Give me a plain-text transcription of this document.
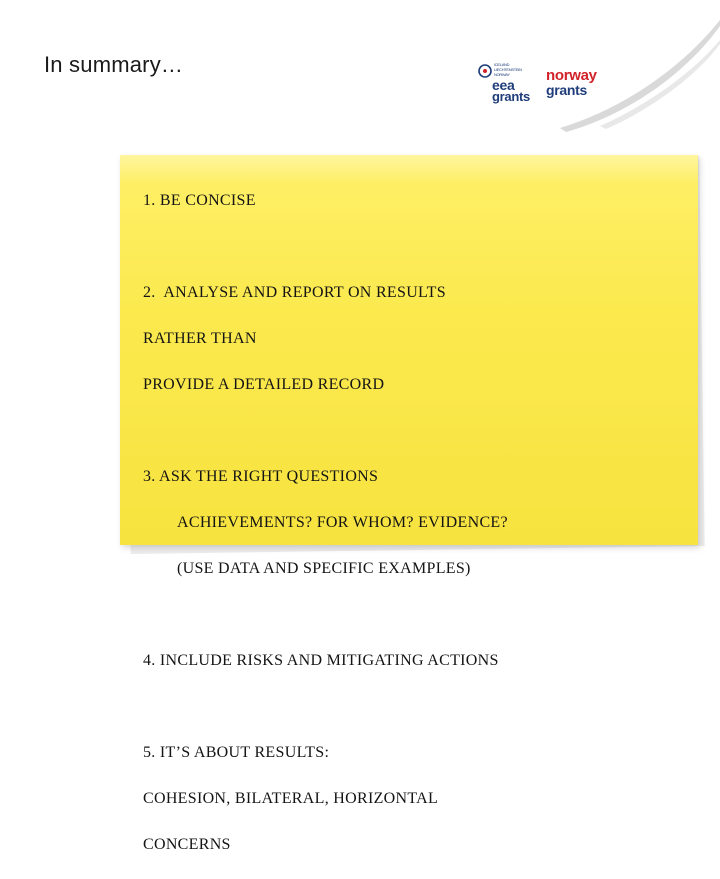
In summary…	ICELAND LIECHTENSTEIN NORWAY
eea
grants
norway
grants

1. BE CONCISE

2.  ANALYSE AND REPORT ON RESULTS

RATHER THAN

PROVIDE A DETAILED RECORD

3. ASK THE RIGHT QUESTIONS

ACHIEVEMENTS? FOR WHOM? EVIDENCE?

(USE DATA AND SPECIFIC EXAMPLES)

4. INCLUDE RISKS AND MITIGATING ACTIONS

5. IT’S ABOUT RESULTS:

COHESION, BILATERAL, HORIZONTAL

CONCERNS
